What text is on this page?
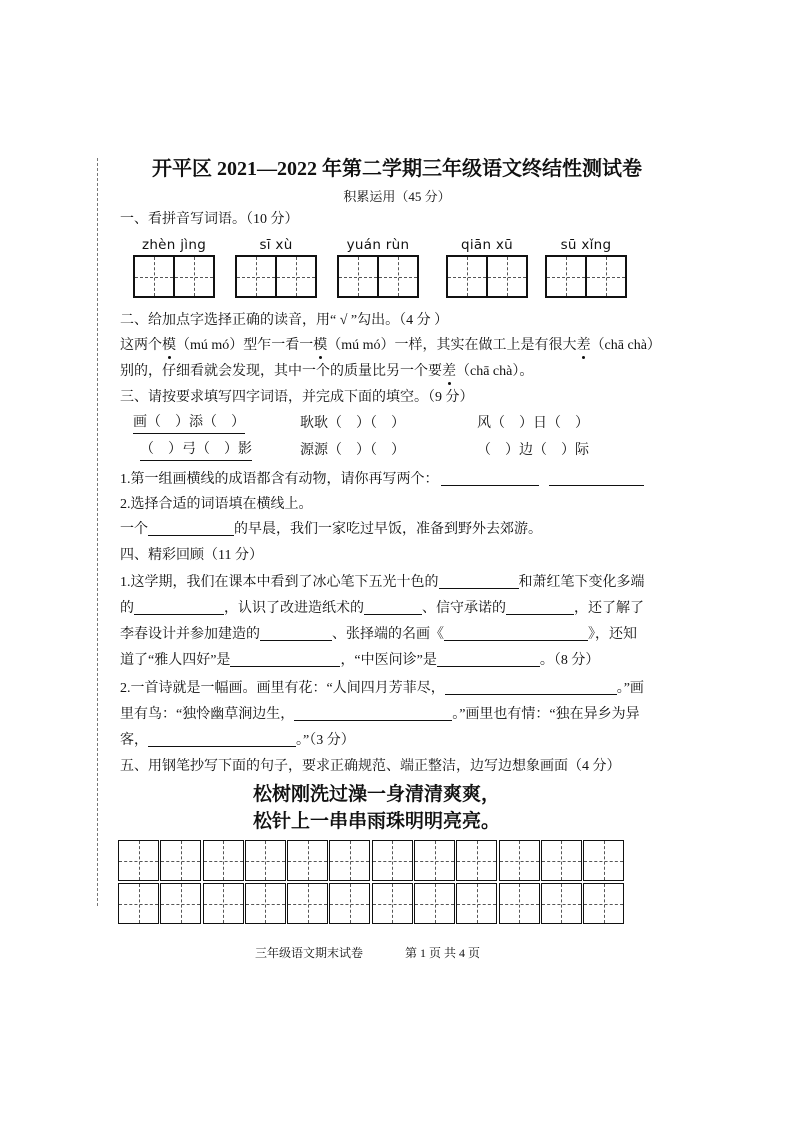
开平区 2021—2022 年第二学期三年级语文终结性测试卷
积累运用（45 分）
一、看拼音写词语。（10 分）
zhèn jìng	sī xù	yuán rùn	qiān xū	sū xǐng
二、给加点字选择正确的读音，用“ √ ”勾出。（4 分 ）
这两个 模 （mú mó）型乍一看一 模 （mú mó）一样，其实在做工上是有很大 差 （chā chà）
别的，仔细看就会发现，其中一个的质量比另一个要 差 （chā chà）。
三、请按要求填写四字词语，并完成下面的填空。（9 分）
画（　）添（　）	耿耿（　）（　）	风（　）日（　）
（　）弓（　）影	源源（　）（　）	（　）边（　）际
1.第一组画横线的成语都含有动物，请你再写两个：
2.选择合适的词语填在横线上。
一个	的早晨，我们一家吃过早饭，准备到野外去郊游。
四、精彩回顾（11 分）
1.这学期，我们在课本中看到了冰心笔下五光十色的	和萧红笔下变化多端
的	，认识了改进造纸术的	、信守承诺的	，还了解了
李春设计并参加建造的	、张择端的名画《	》，还知
道了“雅人四好”是	，“中医问诊”是	。（8 分）
2.一首诗就是一幅画。画里有花：“人间四月芳菲尽，	。”画
里有鸟：“独怜幽草涧边生，	。”画里也有情：“独在异乡为异
客，	。”（3 分）
五、用钢笔抄写下面的句子，要求正确规范、端正整洁，边写边想象画面（4 分）
松树刚洗过澡一身清清爽爽，
松针上一串串雨珠明明亮亮。
三年级语文期末试卷	第 1 页 共 4 页
